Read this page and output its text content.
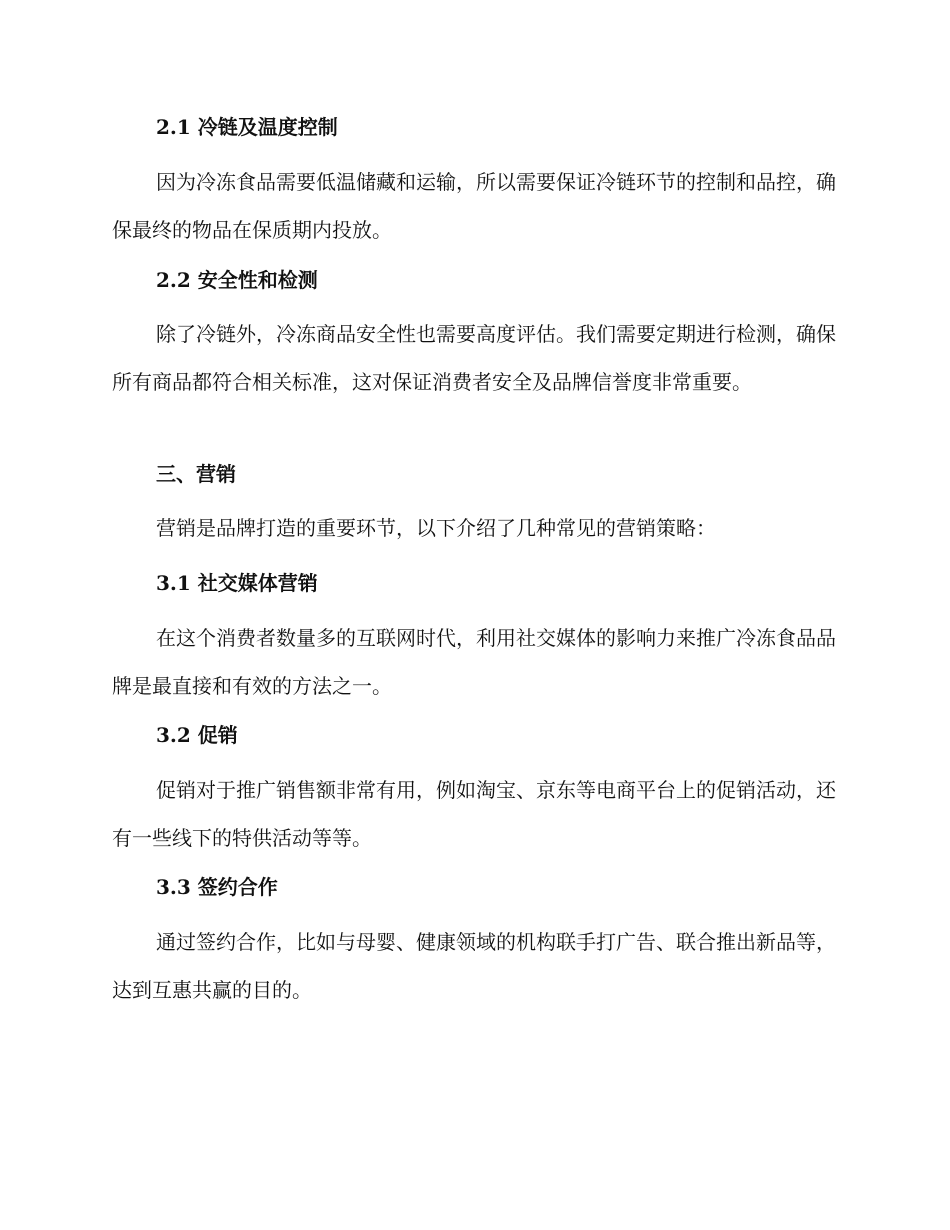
2.1 冷链及温度控制

因为冷冻食品需要低温储藏和运输，所以需要保证冷链环节的控制和品控，确保最终的物品在保质期内投放。

2.2 安全性和检测

除了冷链外，冷冻商品安全性也需要高度评估。我们需要定期进行检测，确保所有商品都符合相关标准，这对保证消费者安全及品牌信誉度非常重要。

三、营销

营销是品牌打造的重要环节，以下介绍了几种常见的营销策略：

3.1 社交媒体营销

在这个消费者数量多的互联网时代，利用社交媒体的影响力来推广冷冻食品品牌是最直接和有效的方法之一。

3.2 促销

促销对于推广销售额非常有用，例如淘宝、京东等电商平台上的促销活动，还有一些线下的特供活动等等。

3.3 签约合作

通过签约合作，比如与母婴、健康领域的机构联手打广告、联合推出新品等，达到互惠共赢的目的。
